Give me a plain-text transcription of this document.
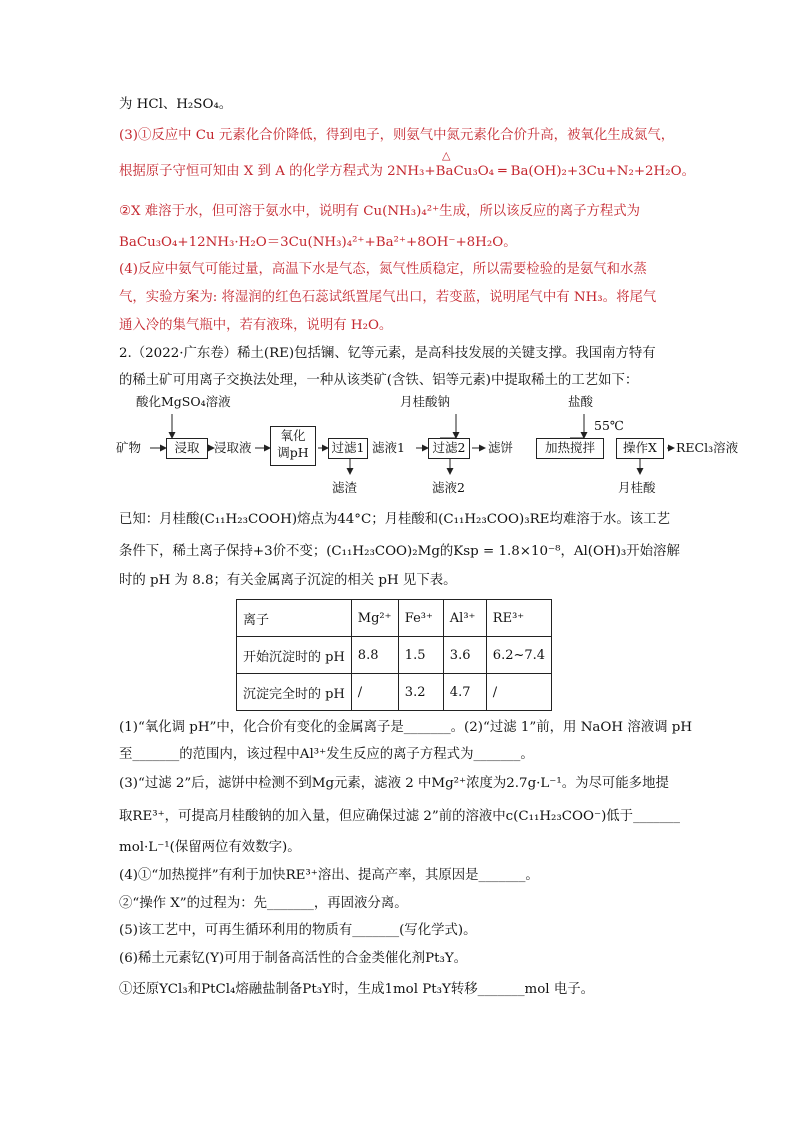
为 HCl、H₂SO₄。
(3)①反应中 Cu 元素化合价降低，得到电子，则氨气中氮元素化合价升高，被氧化生成氮气，
根据原子守恒可知由 X 到 A 的化学方程式为 2NH₃+BaCu₃O₄ ═ Ba(OH)₂+3Cu+N₂+2H₂O。
△
②X 难溶于水，但可溶于氨水中，说明有 Cu(NH₃)₄²⁺生成，所以该反应的离子方程式为
BaCu₃O₄+12NH₃·H₂O＝3Cu(NH₃)₄²⁺+Ba²⁺+8OH⁻+8H₂O。
(4)反应中氨气可能过量，高温下水是气态，氮气性质稳定，所以需要检验的是氨气和水蒸
气，实验方案为: 将湿润的红色石蕊试纸置尾气出口，若变蓝，说明尾气中有 NH₃。将尾气
通入冷的集气瓶中，若有液珠，说明有 H₂O。
2.（2022·广东卷）稀土(RE)包括镧、钇等元素，是高科技发展的关键支撑。我国南方特有
的稀土矿可用离子交换法处理，一种从该类矿(含铁、铝等元素)中提取稀土的工艺如下：
酸化MgSO₄溶液	月桂酸钠	盐酸
55℃
矿物	浸取	浸取液
氧化
调pH	过滤1 滤液1	过滤2	滤饼	加热搅拌	操作X	RECl₃溶液
滤渣	滤液2	月桂酸
已知：月桂酸(C₁₁H₂₃COOH)熔点为44°C；月桂酸和(C₁₁H₂₃COO)₃RE均难溶于水。该工艺
条件下，稀土离子保持+3价不变；(C₁₁H₂₃COO)₂Mg的Ksp = 1.8×10⁻⁸，Al(OH)₃开始溶解
时的 pH 为 8.8；有关金属离子沉淀的相关 pH 见下表。
离子	Mg²⁺	Fe³⁺	Al³⁺	RE³⁺
开始沉淀时的 pH	8.8	1.5	3.6	6.2~7.4
沉淀完全时的 pH	/	3.2	4.7	/
(1)“氧化调 pH”中，化合价有变化的金属离子是_______。(2)“过滤 1”前，用 NaOH 溶液调 pH
至_______的范围内，该过程中Al³⁺发生反应的离子方程式为_______。
(3)“过滤 2”后，滤饼中检测不到Mg元素，滤液 2 中Mg²⁺浓度为2.7g·L⁻¹。为尽可能多地提
取RE³⁺，可提高月桂酸钠的加入量，但应确保过滤 2”前的溶液中c(C₁₁H₂₃COO⁻)低于_______
mol·L⁻¹(保留两位有效数字)。
(4)①“加热搅拌”有利于加快RE³⁺溶出、提高产率，其原因是_______。
②“操作 X”的过程为：先_______，再固液分离。
(5)该工艺中，可再生循环利用的物质有_______(写化学式)。
(6)稀土元素钇(Y)可用于制备高活性的合金类催化剂Pt₃Y。
①还原YCl₃和PtCl₄熔融盐制备Pt₃Y时，生成1mol Pt₃Y转移_______mol 电子。
